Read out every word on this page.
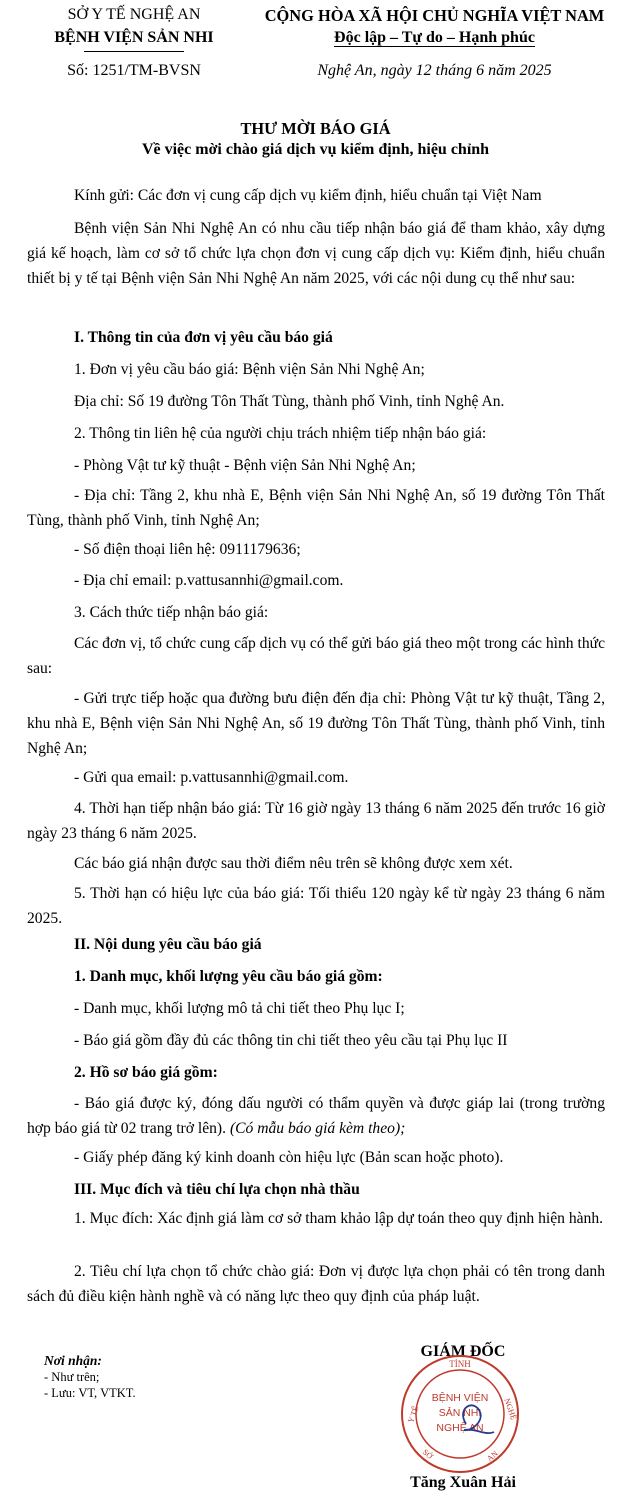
SỞ Y TẾ NGHỆ AN
BỆNH VIỆN SẢN NHI
Số: 1251/TM-BVSN
CỘNG HÒA XÃ HỘI CHỦ NGHĨA VIỆT NAM
Độc lập – Tự do – Hạnh phúc
Nghệ An, ngày 12 tháng 6 năm 2025
THƯ MỜI BÁO GIÁ
Về việc mời chào giá dịch vụ kiểm định, hiệu chỉnh
Kính gửi: Các đơn vị cung cấp dịch vụ kiểm định, hiểu chuẩn tại Việt Nam
Bệnh viện Sản Nhi Nghệ An có nhu cầu tiếp nhận báo giá để tham khảo, xây dựng giá kế hoạch, làm cơ sở tổ chức lựa chọn đơn vị cung cấp dịch vụ: Kiểm định, hiểu chuẩn thiết bị y tế tại Bệnh viện Sản Nhi Nghệ An năm 2025, với các nội dung cụ thể như sau:
I. Thông tin của đơn vị yêu cầu báo giá
1. Đơn vị yêu cầu báo giá: Bệnh viện Sản Nhi Nghệ An;
Địa chỉ: Số 19 đường Tôn Thất Tùng, thành phố Vinh, tỉnh Nghệ An.
2. Thông tin liên hệ của người chịu trách nhiệm tiếp nhận báo giá:
- Phòng Vật tư kỹ thuật - Bệnh viện Sản Nhi Nghệ An;
- Địa chỉ: Tầng 2, khu nhà E, Bệnh viện Sản Nhi Nghệ An, số 19 đường Tôn Thất Tùng, thành phố Vinh, tỉnh Nghệ An;
- Số điện thoại liên hệ: 0911179636;
- Địa chỉ email: p.vattusannhi@gmail.com.
3. Cách thức tiếp nhận báo giá:
Các đơn vị, tổ chức cung cấp dịch vụ có thể gửi báo giá theo một trong các hình thức sau:
- Gửi trực tiếp hoặc qua đường bưu điện đến địa chỉ: Phòng Vật tư kỹ thuật, Tầng 2, khu nhà E, Bệnh viện Sản Nhi Nghệ An, số 19 đường Tôn Thất Tùng, thành phố Vinh, tỉnh Nghệ An;
- Gửi qua email: p.vattusannhi@gmail.com.
4. Thời hạn tiếp nhận báo giá: Từ 16 giờ ngày 13 tháng 6 năm 2025 đến trước 16 giờ ngày 23 tháng 6 năm 2025.
Các báo giá nhận được sau thời điểm nêu trên sẽ không được xem xét.
5. Thời hạn có hiệu lực của báo giá: Tối thiểu 120 ngày kể từ ngày 23 tháng 6 năm 2025.
II. Nội dung yêu cầu báo giá
1. Danh mục, khối lượng yêu cầu báo giá gồm:
- Danh mục, khối lượng mô tả chi tiết theo Phụ lục I;
- Báo giá gồm đầy đủ các thông tin chi tiết theo yêu cầu tại Phụ lục II
2. Hồ sơ báo giá gồm:
- Báo giá được ký, đóng dấu người có thẩm quyền và được giáp lai (trong trường hợp báo giá từ 02 trang trở lên). (Có mẫu báo giá kèm theo);
- Giấy phép đăng ký kinh doanh còn hiệu lực (Bản scan hoặc photo).
III. Mục đích và tiêu chí lựa chọn nhà thầu
1. Mục đích: Xác định giá làm cơ sở tham khảo lập dự toán theo quy định hiện hành.
2. Tiêu chí lựa chọn tổ chức chào giá: Đơn vị được lựa chọn phải có tên trong danh sách đủ điều kiện hành nghề và có năng lực theo quy định của pháp luật.
Nơi nhận:
- Như trên;
- Lưu: VT, VTKT.
GIÁM ĐỐC
TỈNH
Y TẾ	NGHỆ
SỞ	AN
BỆNH VIỆN
SẢN NHI
NGHỆ AN
Tăng Xuân Hải
